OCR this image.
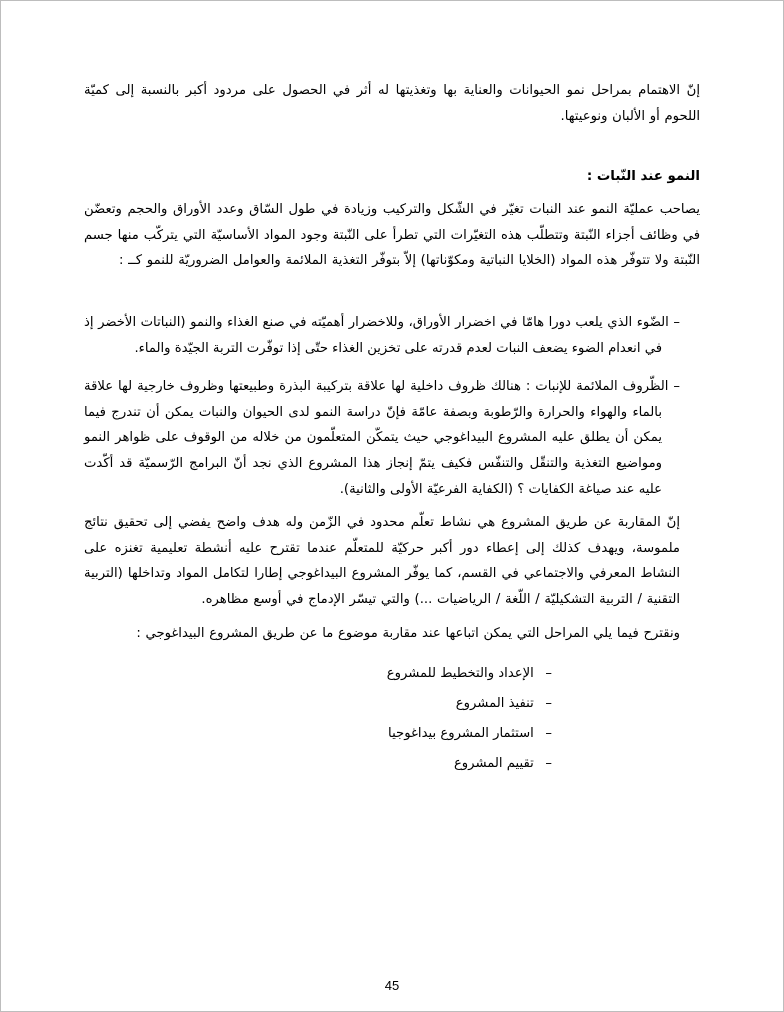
إنّ الاهتمام بمراحل نمو الحيوانات والعناية بها وتغذيتها له أثر في الحصول على مردود أكبر بالنسبة إلى كميّة اللحوم أو الألبان ونوعيتها.

النمو عند النّبات :

يصاحب عمليّة النمو عند النبات تغيّر في الشّكل والتركيب وزيادة في طول السّاق وعدد الأوراق والحجم وتعضّن في وظائف أجزاء النّبتة وتتطلّب هذه التغيّرات التي تطرأ على النّبتة وجود المواد الأساسيّة التي يتركّب منها جسم النّبتة ولا تتوفّر هذه المواد (الخلايا النباتية ومكوّناتها) إلاّ بتوفّر التغذية الملائمة والعوامل الضروريّة للنمو كــ :

– الضّوء الذي يلعب دورا هامّا في اخضرار الأوراق، وللاخضرار أهميّته في صنع الغذاء والنمو (النباتات الأخضر إذ في انعدام الضوء يضعف النبات لعدم قدرته على تخزين الغذاء حتّى إذا توفّرت التربة الجيّدة والماء.

– الظّروف الملائمة للإنبات : هنالك ظروف داخلية لها علاقة بتركيبة البذرة وطبيعتها وظروف خارجية لها علاقة بالماء والهواء والحرارة والرّطوبة وبصفة عامّة فإنّ دراسة النمو لدى الحيوان والنبات يمكن أن تندرج فيما يمكن أن يطلق عليه المشروع البيداغوجي حيث يتمكّن المتعلّمون من خلاله من الوقوف على ظواهر النمو ومواضيع التغذية والتنقّل والتنفّس فكيف يتمّ إنجاز هذا المشروع الذي نجد أنّ البرامج الرّسميّة قد أكّدت عليه عند صياغة الكفايات ؟ (الكفاية الفرعيّة الأولى والثانية).

إنّ المقاربة عن طريق المشروع هي نشاط تعلّم محدود في الزّمن وله هدف واضح يفضي إلى تحقيق نتائج ملموسة، ويهدف كذلك إلى إعطاء دور أكبر حركيّة للمتعلّم عندما تقترح عليه أنشطة تعليمية تغنزه على النشاط المعرفي والاجتماعي في القسم، كما يوفّر المشروع البيداغوجي إطارا لتكامل المواد وتداخلها (التربية التقنية / التربية التشكيليّة / اللّغة / الرياضيات ...) والتي تيسّر الإدماج في أوسع مظاهره.

ونقترح فيما يلي المراحل التي يمكن اتباعها عند مقاربة موضوع ما عن طريق المشروع البيداغوجي :

– الإعداد والتخطيط للمشروع
– تنفيذ المشروع
– استثمار المشروع بيداغوجيا
– تقييم المشروع
45
